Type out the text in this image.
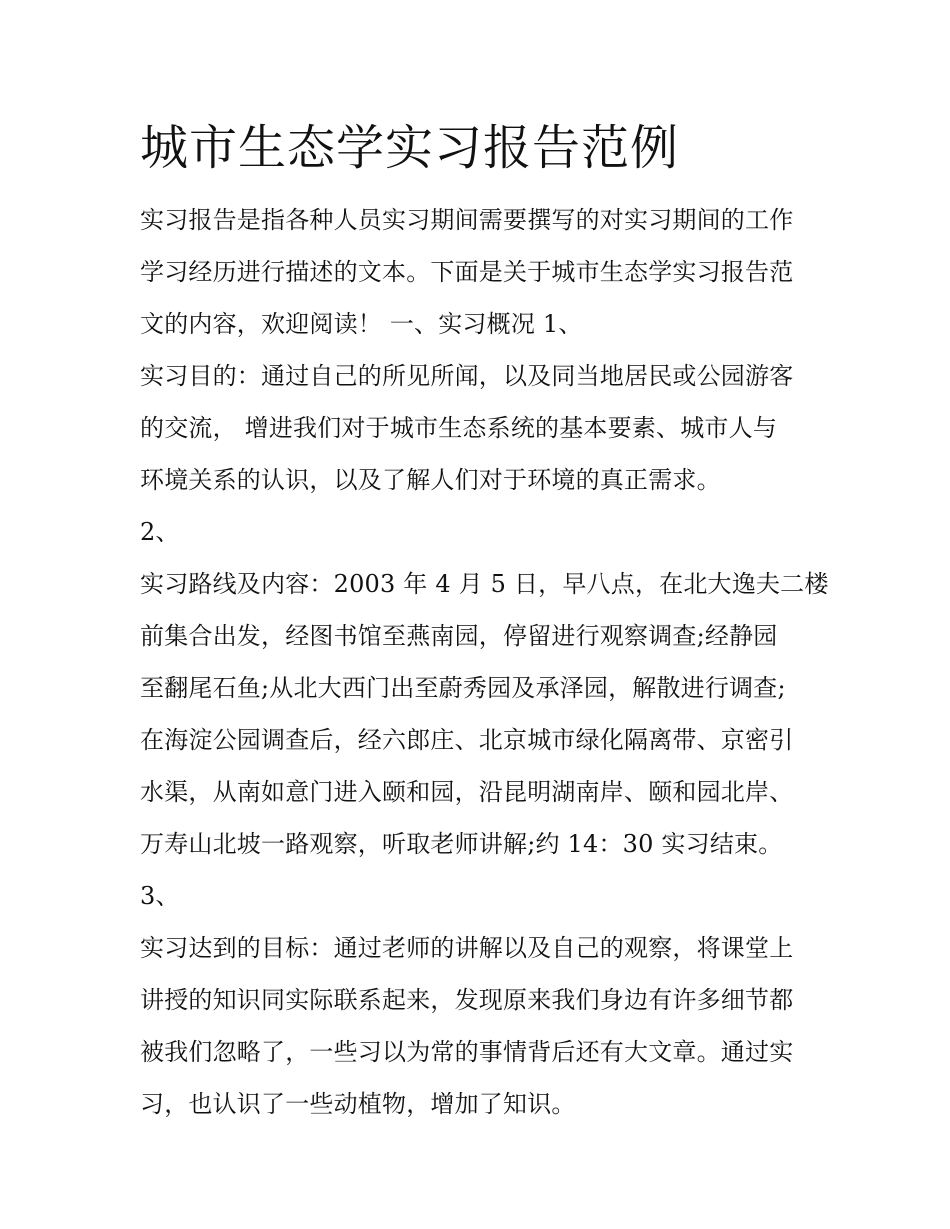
城市生态学实习报告范例
实习报告是指各种人员实习期间需要撰写的对实习期间的工作
学习经历进行描述的文本。下面是关于城市生态学实习报告范
文的内容，欢迎阅读！ 一、实习概况 1、
实习目的：通过自己的所见所闻，以及同当地居民或公园游客
的交流， 增进我们对于城市生态系统的基本要素、城市人与
环境关系的认识，以及了解人们对于环境的真正需求。
2、
实习路线及内容：2003 年 4 月 5 日，早八点，在北大逸夫二楼
前集合出发，经图书馆至燕南园，停留进行观察调查;经静园
至翻尾石鱼;从北大西门出至蔚秀园及承泽园，解散进行调查;
在海淀公园调查后，经六郎庄、北京城市绿化隔离带、京密引
水渠，从南如意门进入颐和园，沿昆明湖南岸、颐和园北岸、
万寿山北坡一路观察，听取老师讲解;约 14：30 实习结束。
3、
实习达到的目标：通过老师的讲解以及自己的观察，将课堂上
讲授的知识同实际联系起来，发现原来我们身边有许多细节都
被我们忽略了，一些习以为常的事情背后还有大文章。通过实
习，也认识了一些动植物，增加了知识。
